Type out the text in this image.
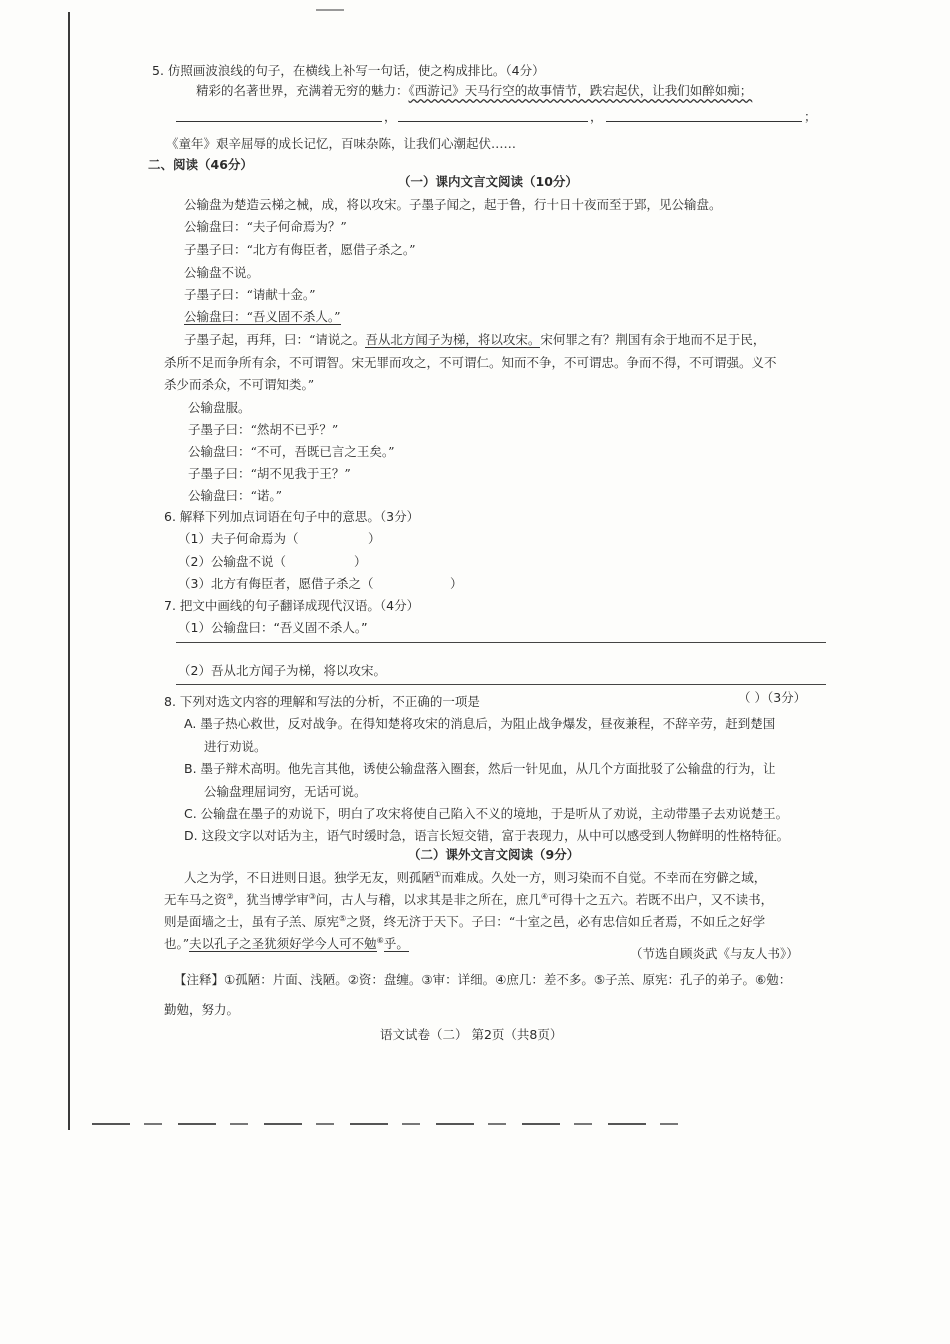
5. 仿照画波浪线的句子，在横线上补写一句话，使之构成排比。（4分）
精彩的名著世界，充满着无穷的魅力：《西游记》天马行空的故事情节，跌宕起伏，让我们如醉如痴；
，	，	；
《童年》艰辛屈辱的成长记忆，百味杂陈，让我们心潮起伏……
二、阅读（46分）
（一）课内文言文阅读（10分）
公输盘为楚造云梯之械，成，将以攻宋。子墨子闻之，起于鲁，行十日十夜而至于郢，见公输盘。
公输盘曰：“夫子何命焉为？”
子墨子曰：“北方有侮臣者，愿借子杀之。”
公输盘不说。
子墨子曰：“请献十金。”
公输盘曰：“吾义固不杀人。”
子墨子起，再拜，曰：“请说之。吾从北方闻子为梯，将以攻宋。宋何罪之有？荆国有余于地而不足于民，
杀所不足而争所有余，不可谓智。宋无罪而攻之，不可谓仁。知而不争，不可谓忠。争而不得，不可谓强。义不
杀少而杀众，不可谓知类。”
公输盘服。
子墨子曰：“然胡不已乎？”
公输盘曰：“不可，吾既已言之王矣。”
子墨子曰：“胡不见我于王？”
公输盘曰：“诺。”
6. 解释下列加点词语在句子中的意思。（3分）
（1）夫子何命焉为（	）
（2）公输盘不说（	）
（3）北方有侮臣者，愿借子杀之（	）
7. 把文中画线的句子翻译成现代汉语。（4分）
（1）公输盘曰：“吾义固不杀人。”
（2）吾从北方闻子为梯，将以攻宋。
8. 下列对选文内容的理解和写法的分析，不正确的一项是	（ ）（3分）
A. 墨子热心救世，反对战争。在得知楚将攻宋的消息后，为阻止战争爆发，昼夜兼程，不辞辛劳，赶到楚国
进行劝说。
B. 墨子辩术高明。他先言其他，诱使公输盘落入圈套，然后一针见血，从几个方面批驳了公输盘的行为，让
公输盘理屈词穷，无话可说。
C. 公输盘在墨子的劝说下，明白了攻宋将使自己陷入不义的境地，于是听从了劝说，主动带墨子去劝说楚王。
D. 这段文字以对话为主，语气时缓时急，语言长短交错，富于表现力，从中可以感受到人物鲜明的性格特征。
（二）课外文言文阅读（9分）
人之为学，不日进则日退。独学无友，则孤陋①而难成。久处一方，则习染而不自觉。不幸而在穷僻之域，
无车马之资②，犹当博学审③问，古人与稽，以求其是非之所在，庶几④可得十之五六。若既不出户，又不读书，
则是面墙之士，虽有子羔、原宪⑤之贤，终无济于天下。子曰：“十室之邑，必有忠信如丘者焉，不如丘之好学
也。”夫以孔子之圣犹须好学今人可不勉⑥乎。
（节选自顾炎武《与友人书》）
【注释】①孤陋：片面、浅陋。②资：盘缠。③审：详细。④庶几：差不多。⑤子羔、原宪：孔子的弟子。⑥勉：
勤勉，努力。
语文试卷（二） 第2页（共8页）
